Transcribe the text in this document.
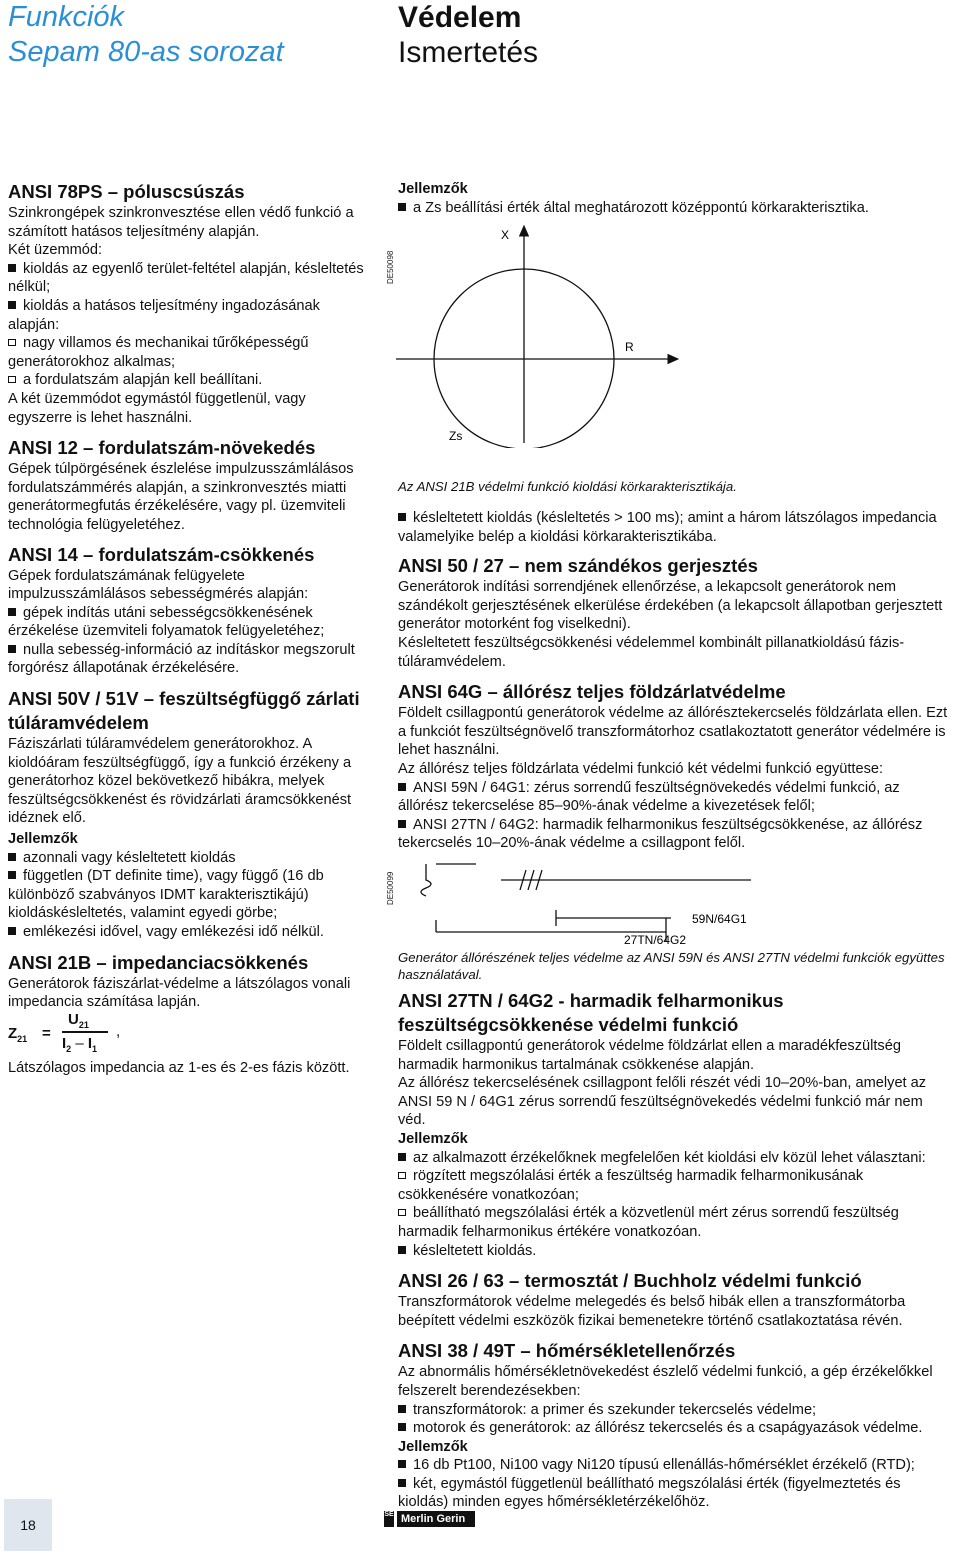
Funkciók
Sepam 80-as sorozat
Védelem
Ismertetés

ANSI 78PS – póluscsúszás

Szinkrongépek szinkronvesztése ellen védő funkció a számított hatásos teljesítmény alapján.

Két üzemmód:

kioldás az egyenlő terület-feltétel alapján, késleltetés nélkül;

kioldás a hatásos teljesítmény ingadozásának alapján:

nagy villamos és mechanikai tűrőképességű generátorokhoz alkalmas;

a fordulatszám alapján kell beállítani.

A két üzemmódot egymástól függetlenül, vagy egyszerre is lehet használni.

ANSI 12 – fordulatszám-növekedés

Gépek túlpörgésének észlelése impulzusszámlálásos fordulatszámmérés alapján, a szinkronvesztés miatti generátormegfutás érzékelésére, vagy pl. üzemviteli technológia felügyeletéhez.

ANSI 14 – fordulatszám-csökkenés

Gépek fordulatszámának felügyelete impulzusszámlálásos sebességmérés alapján:

gépek indítás utáni sebességcsökkenésének érzékelése üzemviteli folyamatok felügyeletéhez;

nulla sebesség-információ az indításkor megszorult forgórész állapotának érzékelésére.

ANSI 50V / 51V – feszültségfüggő zárlati túláramvédelem

Fáziszárlati túláramvédelem generátorokhoz. A kioldóáram feszültségfüggő, így a funkció érzékeny a generátorhoz közel bekövetkező hibákra, melyek feszültségcsökkenést és rövidzárlati áramcsökkenést idéznek elő.

Jellemzők

azonnali vagy késleltetett kioldás

független (DT definite time), vagy függő (16 db különböző szabványos IDMT karakterisztikájú) kioldáskésleltetés, valamint egyedi görbe;

emlékezési idővel, vagy emlékezési idő nélkül.

ANSI 21B – impedanciacsökkenés

Generátorok fáziszárlat-védelme a látszólagos vonali impedancia számítása lapján.

$Z_{21}$ =
$U_{21}$
$I_2 - I_1$
,

Látszólagos impedancia az 1-es és 2-es fázis között.

Jellemzők

a Zs beállítási érték által meghatározott középpontú körkarakterisztika.

DE50098
X
R
Zs

Az ANSI 21B védelmi funkció kioldási körkarakterisztikája.

késleltetett kioldás (késleltetés > 100 ms); amint a három látszólagos impedancia valamelyike belép a kioldási körkarakterisztikába.

ANSI 50 / 27 – nem szándékos gerjesztés

Generátorok indítási sorrendjének ellenőrzése, a lekapcsolt generátorok nem szándékolt gerjesztésének elkerülése érdekében (a lekapcsolt állapotban gerjesztett generátor motorként fog viselkedni).

Késleltetett feszültségcsökkenési védelemmel kombinált pillanatkioldású fázis-túláramvédelem.

ANSI 64G – állórész teljes földzárlatvédelme

Földelt csillagpontú generátorok védelme az állórésztekercselés földzárlata ellen. Ezt a funkciót feszültségnövelő transzformátorhoz csatlakoztatott generátor védelmére is lehet használni.

Az állórész teljes földzárlata védelmi funkció két védelmi funkció együttese:

ANSI 59N / 64G1: zérus sorrendű feszültségnövekedés védelmi funkció, az állórész tekercselése 85–90%-ának védelme a kivezetések felől;

ANSI 27TN / 64G2: harmadik felharmonikus feszültségcsökkenése, az állórész tekercselés 10–20%-ának védelme a csillagpont felől.

DE50099
59N/64G1
27TN/64G2

Generátor állórészének teljes védelme az ANSI 59N és ANSI 27TN védelmi funkciók együttes használatával.

ANSI 27TN / 64G2 - harmadik felharmonikus feszültségcsökkenése védelmi funkció

Földelt csillagpontú generátorok védelme földzárlat ellen a maradékfeszültség harmadik harmonikus tartalmának csökkenése alapján.

Az állórész tekercselésének csillagpont felőli részét védi 10–20%-ban, amelyet az ANSI 59 N / 64G1 zérus sorrendű feszültségnövekedés védelmi funkció már nem véd.

Jellemzők

az alkalmazott érzékelőknek megfelelően két kioldási elv közül lehet választani:

rögzített megszólalási érték a feszültség harmadik felharmonikusának csökkenésére vonatkozóan;

beállítható megszólalási érték a közvetlenül mért zérus sorrendű feszültség harmadik felharmonikus értékére vonatkozóan.

késleltetett kioldás.

ANSI 26 / 63 – termosztát / Buchholz védelmi funkció

Transzformátorok védelme melegedés és belső hibák ellen a transzformátorba beépített védelmi eszközök fizikai bemenetekre történő csatlakoztatása révén.

ANSI 38 / 49T – hőmérsékletellenőrzés

Az abnormális hőmérsékletnövekedést észlelő védelmi funkció, a gép érzékelőkkel felszerelt berendezésekben:

transzformátorok: a primer és szekunder tekercselés védelme;

motorok és generátorok: az állórész tekercselés és a csapágyazások védelme.

Jellemzők

16 db Pt100, Ni100 vagy Ni120 típusú ellenállás-hőmérséklet érzékelő (RTD);

két, egymástól függetlenül beállítható megszólalási érték (figyelmeztetés és kioldás) minden egyes hőmérsékletérzékelőhöz.

18
SE Merlin Gerin
